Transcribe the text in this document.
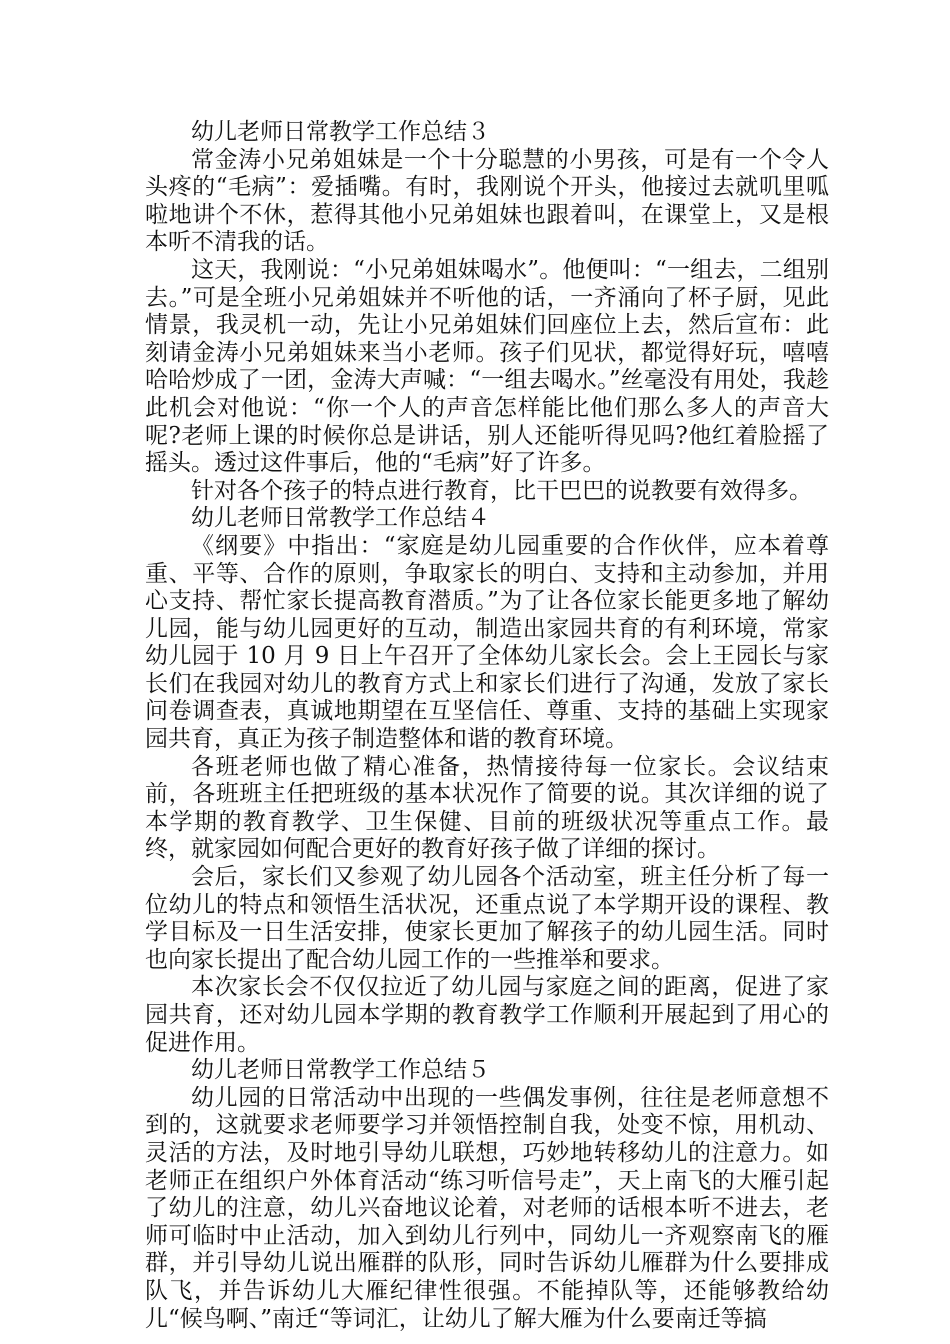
幼儿老师日常教学工作总结３

常金涛小兄弟姐妹是一个十分聪慧的小男孩，可是有一个令人头疼的“毛病”：爱插嘴。有时，我刚说个开头，他接过去就叽里呱啦地讲个不休，惹得其他小兄弟姐妹也跟着叫，在课堂上，又是根本听不清我的话。

这天，我刚说：“小兄弟姐妹喝水”。他便叫：“一组去，二组别去。”可是全班小兄弟姐妹并不听他的话，一齐涌向了杯子厨，见此情景，我灵机一动，先让小兄弟姐妹们回座位上去，然后宣布：此刻请金涛小兄弟姐妹来当小老师。孩子们见状，都觉得好玩，嘻嘻哈哈炒成了一团，金涛大声喊：“一组去喝水。”丝毫没有用处，我趁此机会对他说：“你一个人的声音怎样能比他们那么多人的声音大呢?老师上课的时候你总是讲话，别人还能听得见吗?他红着脸摇了摇头。透过这件事后，他的“毛病”好了许多。

针对各个孩子的特点进行教育，比干巴巴的说教要有效得多。

幼儿老师日常教学工作总结４

《纲要》中指出：“家庭是幼儿园重要的合作伙伴，应本着尊重、平等、合作的原则，争取家长的明白、支持和主动参加，并用心支持、帮忙家长提高教育潜质。”为了让各位家长能更多地了解幼儿园，能与幼儿园更好的互动，制造出家园共育的有利环境，常家幼儿园于 10 月 9 日上午召开了全体幼儿家长会。会上王园长与家长们在我园对幼儿的教育方式上和家长们进行了沟通，发放了家长问卷调查表，真诚地期望在互坚信任、尊重、支持的基础上实现家园共育，真正为孩子制造整体和谐的教育环境。

各班老师也做了精心准备，热情接待每一位家长。会议结束前，各班班主任把班级的基本状况作了简要的说。其次详细的说了本学期的教育教学、卫生保健、目前的班级状况等重点工作。最终，就家园如何配合更好的教育好孩子做了详细的探讨。

会后，家长们又参观了幼儿园各个活动室，班主任分析了每一位幼儿的特点和领悟生活状况，还重点说了本学期开设的课程、教学目标及一日生活安排，使家长更加了解孩子的幼儿园生活。同时也向家长提出了配合幼儿园工作的一些推举和要求。

本次家长会不仅仅拉近了幼儿园与家庭之间的距离，促进了家园共育，还对幼儿园本学期的教育教学工作顺利开展起到了用心的促进作用。

幼儿老师日常教学工作总结５

幼儿园的日常活动中出现的一些偶发事例，往往是老师意想不到的，这就要求老师要学习并领悟控制自我，处变不惊，用机动、灵活的方法，及时地引导幼儿联想，巧妙地转移幼儿的注意力。如老师正在组织户外体育活动“练习听信号走”，天上南飞的大雁引起了幼儿的注意，幼儿兴奋地议论着，对老师的话根本听不进去，老师可临时中止活动，加入到幼儿行列中，同幼儿一齐观察南飞的雁群，并引导幼儿说出雁群的队形，同时告诉幼儿雁群为什么要排成队飞，并告诉幼儿大雁纪律性很强。不能掉队等，还能够教给幼儿“候鸟啊、”南迁“等词汇，让幼儿了解大雁为什么要南迁等搞
